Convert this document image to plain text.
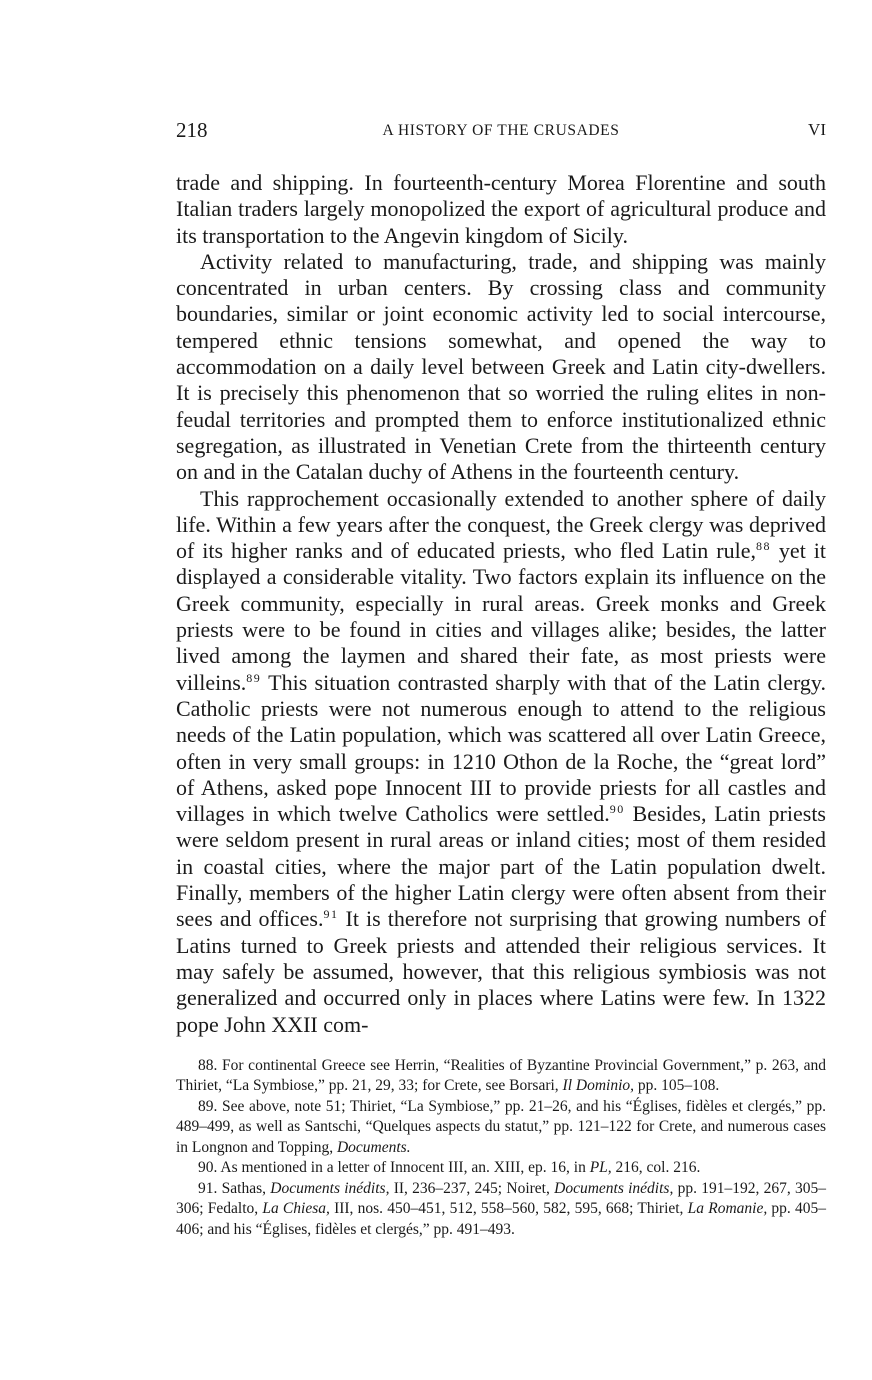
218	A HISTORY OF THE CRUSADES	VI

trade and shipping. In fourteenth-century Morea Florentine and south Italian traders largely monopolized the export of agricultural produce and its transportation to the Angevin kingdom of Sicily.

Activity related to manufacturing, trade, and shipping was mainly concentrated in urban centers. By crossing class and community boundaries, similar or joint economic activity led to social intercourse, tempered ethnic tensions somewhat, and opened the way to accommodation on a daily level between Greek and Latin city-dwellers. It is precisely this phenomenon that so worried the ruling elites in non-feudal territories and prompted them to enforce institutionalized ethnic segregation, as illustrated in Venetian Crete from the thirteenth century on and in the Catalan duchy of Athens in the fourteenth century.

This rapprochement occasionally extended to another sphere of daily life. Within a few years after the conquest, the Greek clergy was deprived of its higher ranks and of educated priests, who fled Latin rule,$^{88}$ yet it displayed a considerable vitality. Two factors explain its influence on the Greek community, especially in rural areas. Greek monks and Greek priests were to be found in cities and villages alike; besides, the latter lived among the laymen and shared their fate, as most priests were villeins.$^{89}$ This situation contrasted sharply with that of the Latin clergy. Catholic priests were not numerous enough to attend to the religious needs of the Latin population, which was scattered all over Latin Greece, often in very small groups: in 1210 Othon de la Roche, the “great lord” of Athens, asked pope Innocent III to provide priests for all castles and villages in which twelve Catholics were settled.$^{90}$ Besides, Latin priests were seldom present in rural areas or inland cities; most of them resided in coastal cities, where the major part of the Latin population dwelt. Finally, members of the higher Latin clergy were often absent from their sees and offices.$^{91}$ It is therefore not surprising that growing numbers of Latins turned to Greek priests and attended their religious services. It may safely be assumed, however, that this religious symbiosis was not generalized and occurred only in places where Latins were few. In 1322 pope John XXII com-

88. For continental Greece see Herrin, “Realities of Byzantine Provincial Government,” p. 263, and Thiriet, “La Symbiose,” pp. 21, 29, 33; for Crete, see Borsari, Il Dominio, pp. 105–108.

89. See above, note 51; Thiriet, “La Symbiose,” pp. 21–26, and his “Églises, fidèles et clergés,” pp. 489–499, as well as Santschi, “Quelques aspects du statut,” pp. 121–122 for Crete, and numerous cases in Longnon and Topping, Documents.

90. As mentioned in a letter of Innocent III, an. XIII, ep. 16, in PL, 216, col. 216.

91. Sathas, Documents inédits, II, 236–237, 245; Noiret, Documents inédits, pp. 191–192, 267, 305–306; Fedalto, La Chiesa, III, nos. 450–451, 512, 558–560, 582, 595, 668; Thiriet, La Romanie, pp. 405–406; and his “Églises, fidèles et clergés,” pp. 491–493.
